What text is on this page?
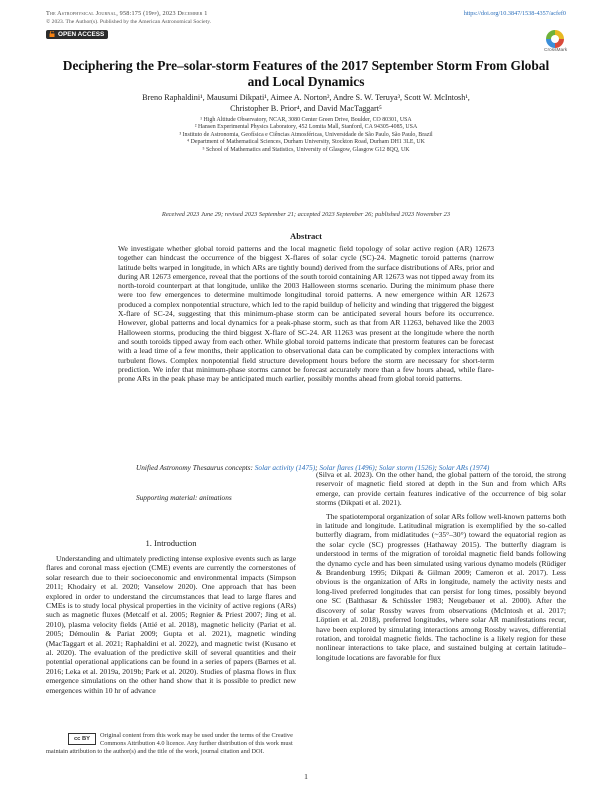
The Astrophysical Journal, 958:175 (19pp), 2023 December 1	https://doi.org/10.3847/1538-4357/acfef0
© 2023. The Author(s). Published by the American Astronomical Society.
OPEN ACCESS
CrossMark
Deciphering the Pre–solar-storm Features of the 2017 September Storm From Global and Local Dynamics
Breno Raphaldini¹, Mausumi Dikpati¹, Aimee A. Norton², Andre S. W. Teruya³, Scott W. McIntosh¹,
Christopher B. Prior⁴, and David MacTaggart⁵
¹ High Altitude Observatory, NCAR, 3080 Center Green Drive, Boulder, CO 80301, USA
² Hansen Experimental Physics Laboratory, 452 Lomita Mall, Stanford, CA 94305-4085, USA
³ Instituto de Astronomia, Geofísica e Ciências Atmosféricas, Universidade de São Paulo, São Paulo, Brazil
⁴ Department of Mathematical Sciences, Durham University, Stockton Road, Durham DH1 3LE, UK
⁵ School of Mathematics and Statistics, University of Glasgow, Glasgow G12 8QQ, UK
Received 2023 June 29; revised 2023 September 21; accepted 2023 September 26; published 2023 November 23
Abstract
We investigate whether global toroid patterns and the local magnetic field topology of solar active region (AR) 12673 together can hindcast the occurrence of the biggest X-flares of solar cycle (SC)-24. Magnetic toroid patterns (narrow latitude belts warped in longitude, in which ARs are tightly bound) derived from the surface distributions of ARs, prior and during AR 12673 emergence, reveal that the portions of the south toroid containing AR 12673 was not tipped away from its north-toroid counterpart at that longitude, unlike the 2003 Halloween storms scenario. During the minimum phase there were too few emergences to determine multimode longitudinal toroid patterns. A new emergence within AR 12673 produced a complex nonpotential structure, which led to the rapid buildup of helicity and winding that triggered the biggest X-flare of SC-24, suggesting that this minimum-phase storm can be anticipated several hours before its occurrence. However, global patterns and local dynamics for a peak-phase storm, such as that from AR 11263, behaved like the 2003 Halloween storms, producing the third biggest X-flare of SC-24. AR 11263 was present at the longitude where the north and south toroids tipped away from each other. While global toroid patterns indicate that prestorm features can be forecast with a lead time of a few months, their application to observational data can be complicated by complex interactions with turbulent flows. Complex nonpotential field structure development hours before the storm are necessary for short-term prediction. We infer that minimum-phase storms cannot be forecast accurately more than a few hours ahead, while flare-prone ARs in the peak phase may be anticipated much earlier, possibly months ahead from global toroid patterns.
Unified Astronomy Thesaurus concepts: Solar activity (1475); Solar flares (1496); Solar storm (1526); Solar ARs (1974)
Supporting material: animations
1. Introduction

Understanding and ultimately predicting intense explosive events such as large flares and coronal mass ejection (CME) events are currently the cornerstones of solar research due to their socioeconomic and environmental impacts (Simpson 2011; Khodairy et al. 2020; Vanselow 2020). One approach that has been explored in order to understand the circumstances that lead to large flares and CMEs is to study local physical properties in the vicinity of active regions (ARs) such as magnetic fluxes (Metcalf et al. 2005; Regnier & Priest 2007; Jing et al. 2010), plasma velocity fields (Attié et al. 2018), magnetic helicity (Pariat et al. 2005; Démoulin & Pariat 2009; Gupta et al. 2021), magnetic winding (MacTaggart et al. 2021; Raphaldini et al. 2022), and magnetic twist (Kusano et al. 2020). The evaluation of the predictive skill of several quantities and their potential operational applications can be found in a series of papers (Barnes et al. 2016; Leka et al. 2019a, 2019b; Park et al. 2020). Studies of plasma flows in flux emergence simulations on the other hand show that it is possible to predict new emergences within 10 hr of advance

(Silva et al. 2023). On the other hand, the global pattern of the toroid, the strong reservoir of magnetic field stored at depth in the Sun and from which ARs emerge, can provide certain features indicative of the occurrence of big solar storms (Dikpati et al. 2021).

The spatiotemporal organization of solar ARs follow well-known patterns both in latitude and longitude. Latitudinal migration is exemplified by the so-called butterfly diagram, from midlatitudes (~35°–30°) toward the equatorial region as the solar cycle (SC) progresses (Hathaway 2015). The butterfly diagram is understood in terms of the migration of toroidal magnetic field bands following the dynamo cycle and has been simulated using various dynamo models (Rüdiger & Brandenburg 1995; Dikpati & Gilman 2009; Cameron et al. 2017). Less obvious is the organization of ARs in longitude, namely the activity nests and long-lived preferred longitudes that can persist for long times, possibly beyond one SC (Balthasar & Schüssler 1983; Neugebauer et al. 2000). After the discovery of solar Rossby waves from observations (McIntosh et al. 2017; Löptien et al. 2018), preferred longitudes, where solar AR manifestations recur, have been explored by simulating interactions among Rossby waves, differential rotation, and toroidal magnetic fields. The tachocline is a likely region for these nonlinear interactions to take place, and sustained bulging at certain latitude–longitude locations are favorable for flux

cc BY	Original content from this work may be used under the terms of the Creative Commons Attribution 4.0 licence. Any further distribution of this work must maintain attribution to the author(s) and the title of the work, journal citation and DOI.
1
